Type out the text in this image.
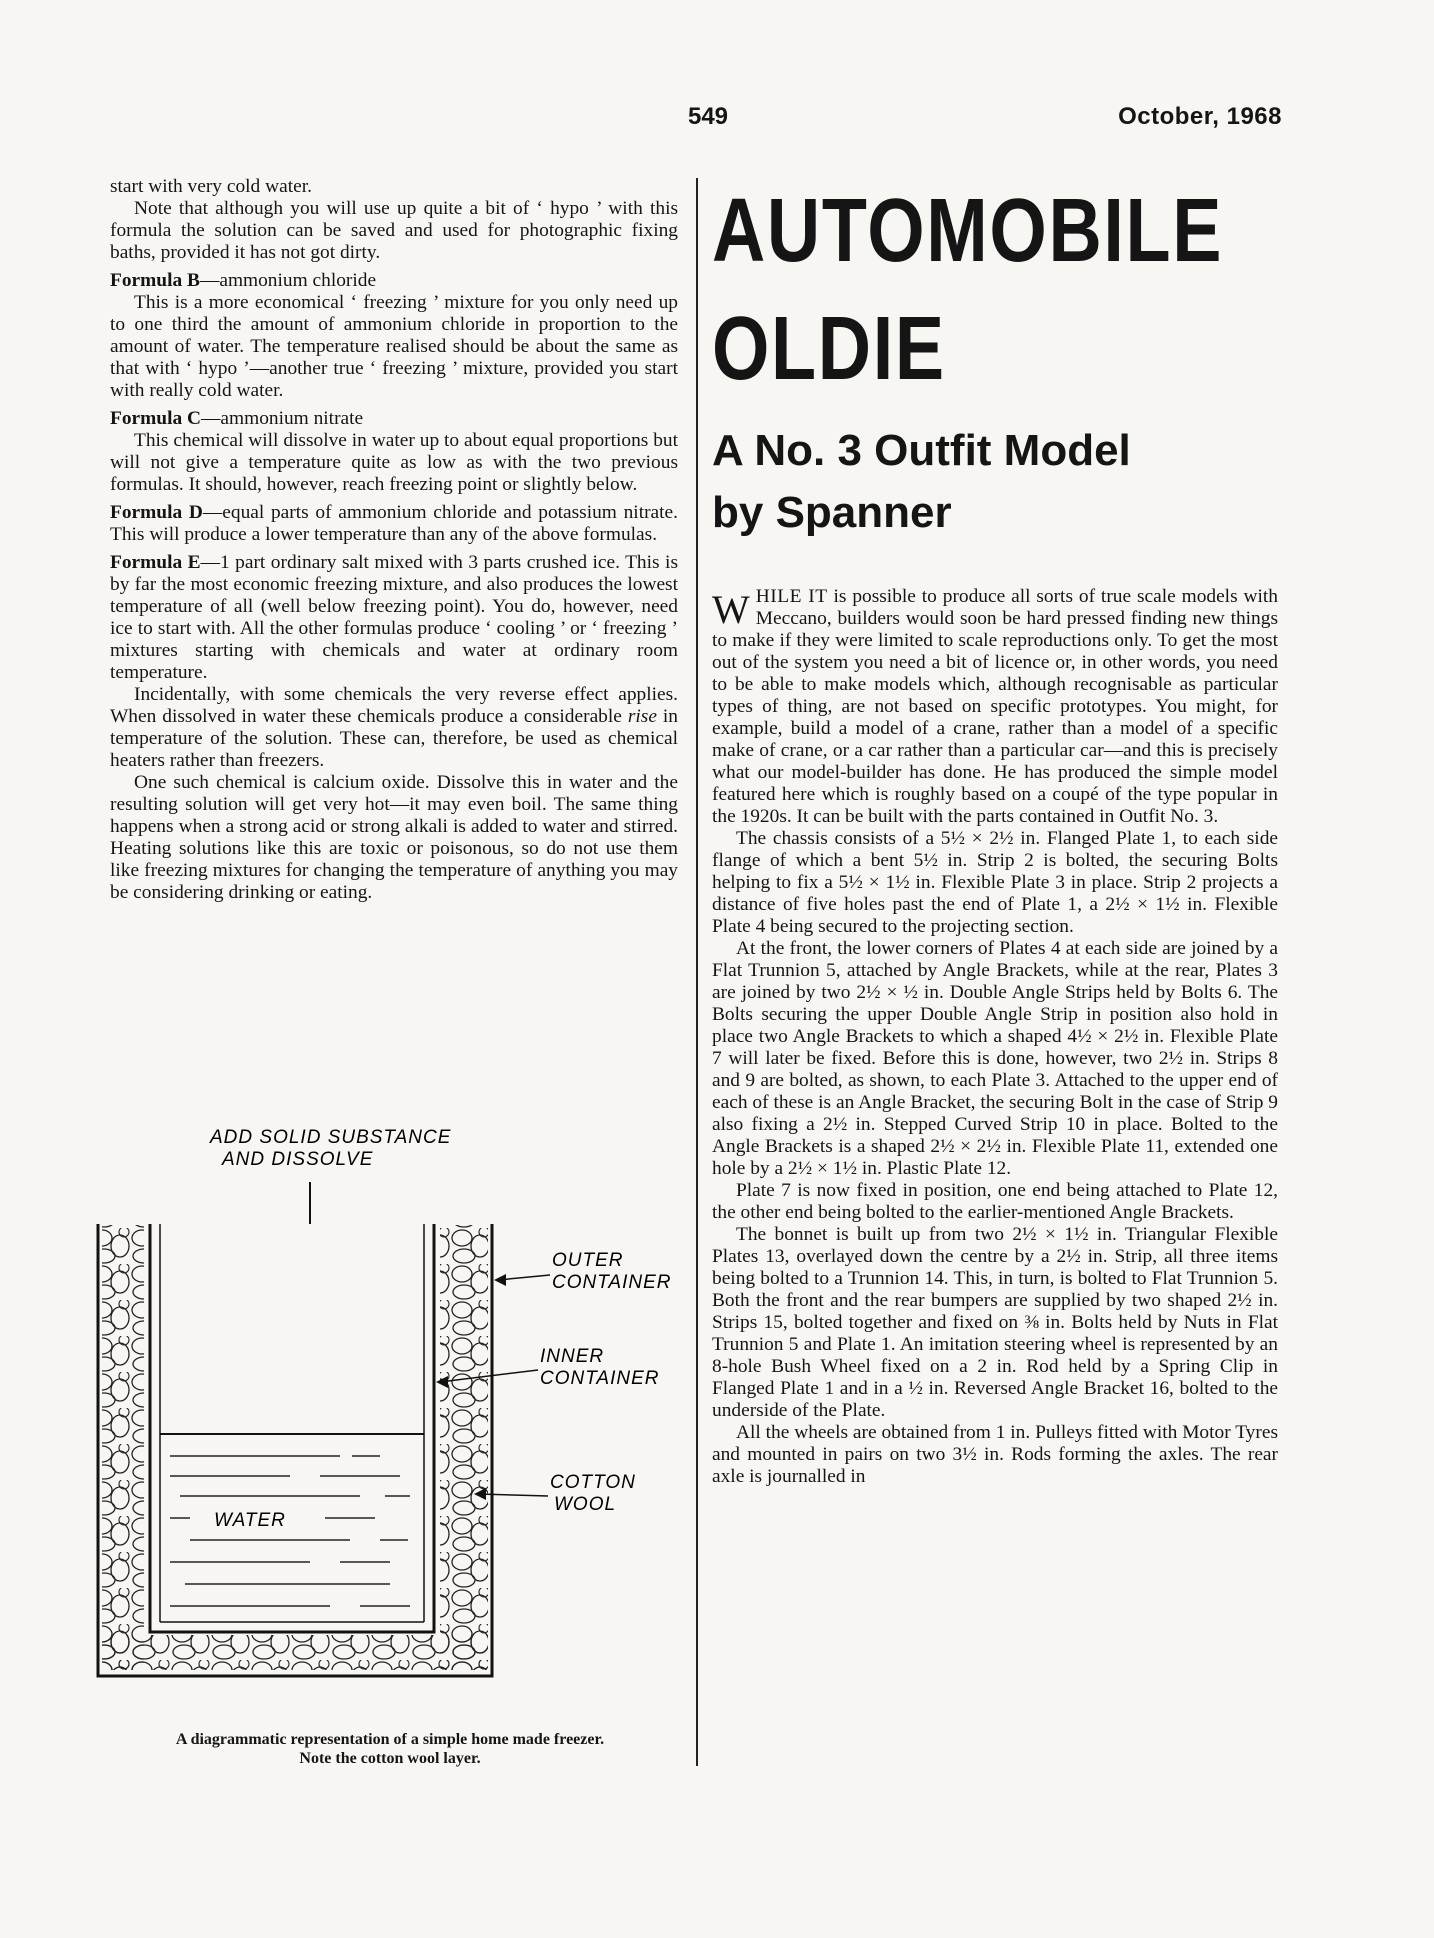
549	October, 1968

start with very cold water.

Note that although you will use up quite a bit of ‘ hypo ’ with this formula the solution can be saved and used for photographic fixing baths, provided it has not got dirty.

Formula B—ammonium chloride

This is a more economical ‘ freezing ’ mixture for you only need up to one third the amount of ammonium chloride in proportion to the amount of water. The temperature realised should be about the same as that with ‘ hypo ’—another true ‘ freezing ’ mixture, provided you start with really cold water.

Formula C—ammonium nitrate

This chemical will dissolve in water up to about equal proportions but will not give a temperature quite as low as with the two previous formulas. It should, however, reach freezing point or slightly below.

Formula D—equal parts of ammonium chloride and potassium nitrate. This will produce a lower temperature than any of the above formulas.

Formula E—1 part ordinary salt mixed with 3 parts crushed ice. This is by far the most economic freezing mixture, and also produces the lowest temperature of all (well below freezing point). You do, however, need ice to start with. All the other formulas produce ‘ cooling ’ or ‘ freezing ’ mixtures starting with chemicals and water at ordinary room temperature.

Incidentally, with some chemicals the very reverse effect applies. When dissolved in water these chemicals produce a considerable rise in temperature of the solution. These can, therefore, be used as chemical heaters rather than freezers.

One such chemical is calcium oxide. Dissolve this in water and the resulting solution will get very hot—it may even boil. The same thing happens when a strong acid or strong alkali is added to water and stirred. Heating solutions like this are toxic or poisonous, so do not use them like freezing mixtures for changing the temperature of anything you may be considering drinking or eating.

ADD SOLID SUBSTANCE
AND DISSOLVE
WATER
OUTER
CONTAINER
INNER
CONTAINER
COTTON
WOOL
A diagrammatic representation of a simple home made freezer.
Note the cotton wool layer.
AUTOMOBILE
OLDIE
A No. 3 Outfit Model
by Spanner

WHILE IT is possible to produce all sorts of true scale models with Meccano, builders would soon be hard pressed finding new things to make if they were limited to scale reproductions only. To get the most out of the system you need a bit of licence or, in other words, you need to be able to make models which, although recognisable as particular types of thing, are not based on specific prototypes. You might, for example, build a model of a crane, rather than a model of a specific make of crane, or a car rather than a particular car—and this is precisely what our model-builder has done. He has produced the simple model featured here which is roughly based on a coupé of the type popular in the 1920s. It can be built with the parts contained in Outfit No. 3.

The chassis consists of a 5½ × 2½ in. Flanged Plate 1, to each side flange of which a bent 5½ in. Strip 2 is bolted, the securing Bolts helping to fix a 5½ × 1½ in. Flexible Plate 3 in place. Strip 2 projects a distance of five holes past the end of Plate 1, a 2½ × 1½ in. Flexible Plate 4 being secured to the projecting section.

At the front, the lower corners of Plates 4 at each side are joined by a Flat Trunnion 5, attached by Angle Brackets, while at the rear, Plates 3 are joined by two 2½ × ½ in. Double Angle Strips held by Bolts 6. The Bolts securing the upper Double Angle Strip in position also hold in place two Angle Brackets to which a shaped 4½ × 2½ in. Flexible Plate 7 will later be fixed. Before this is done, however, two 2½ in. Strips 8 and 9 are bolted, as shown, to each Plate 3. Attached to the upper end of each of these is an Angle Bracket, the securing Bolt in the case of Strip 9 also fixing a 2½ in. Stepped Curved Strip 10 in place. Bolted to the Angle Brackets is a shaped 2½ × 2½ in. Flexible Plate 11, extended one hole by a 2½ × 1½ in. Plastic Plate 12.

Plate 7 is now fixed in position, one end being attached to Plate 12, the other end being bolted to the earlier-mentioned Angle Brackets.

The bonnet is built up from two 2½ × 1½ in. Triangular Flexible Plates 13, overlayed down the centre by a 2½ in. Strip, all three items being bolted to a Trunnion 14. This, in turn, is bolted to Flat Trunnion 5. Both the front and the rear bumpers are supplied by two shaped 2½ in. Strips 15, bolted together and fixed on ⅜ in. Bolts held by Nuts in Flat Trunnion 5 and Plate 1. An imitation steering wheel is represented by an 8-hole Bush Wheel fixed on a 2 in. Rod held by a Spring Clip in Flanged Plate 1 and in a ½ in. Reversed Angle Bracket 16, bolted to the underside of the Plate.

All the wheels are obtained from 1 in. Pulleys fitted with Motor Tyres and mounted in pairs on two 3½ in. Rods forming the axles. The rear axle is journalled in
